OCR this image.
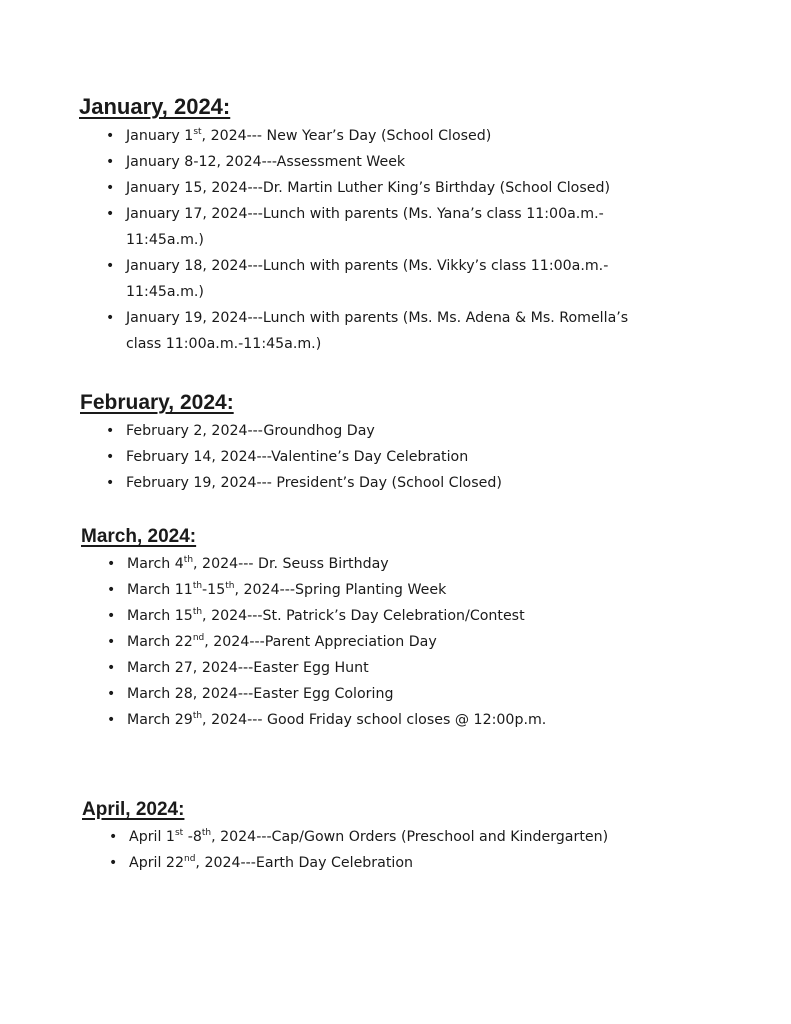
January, 2024:
• January 1st, 2024--- New Year’s Day (School Closed)
• January 8-12, 2024---Assessment Week
• January 15, 2024---Dr. Martin Luther King’s Birthday (School Closed)
• January 17, 2024---Lunch with parents (Ms. Yana’s class 11:00a.m.-
11:45a.m.)
• January 18, 2024---Lunch with parents (Ms. Vikky’s class 11:00a.m.-
11:45a.m.)
• January 19, 2024---Lunch with parents (Ms. Ms. Adena & Ms. Romella’s
class 11:00a.m.-11:45a.m.)
February, 2024:
• February 2, 2024---Groundhog Day
• February 14, 2024---Valentine’s Day Celebration
• February 19, 2024--- President’s Day (School Closed)
March, 2024:
• March 4th, 2024--- Dr. Seuss Birthday
• March 11th-15th, 2024---Spring Planting Week
• March 15th, 2024---St. Patrick’s Day Celebration/Contest
• March 22nd, 2024---Parent Appreciation Day
• March 27, 2024---Easter Egg Hunt
• March 28, 2024---Easter Egg Coloring
• March 29th, 2024--- Good Friday school closes @ 12:00p.m.
April, 2024:
• April 1st -8th, 2024---Cap/Gown Orders (Preschool and Kindergarten)
• April 22nd, 2024---Earth Day Celebration
